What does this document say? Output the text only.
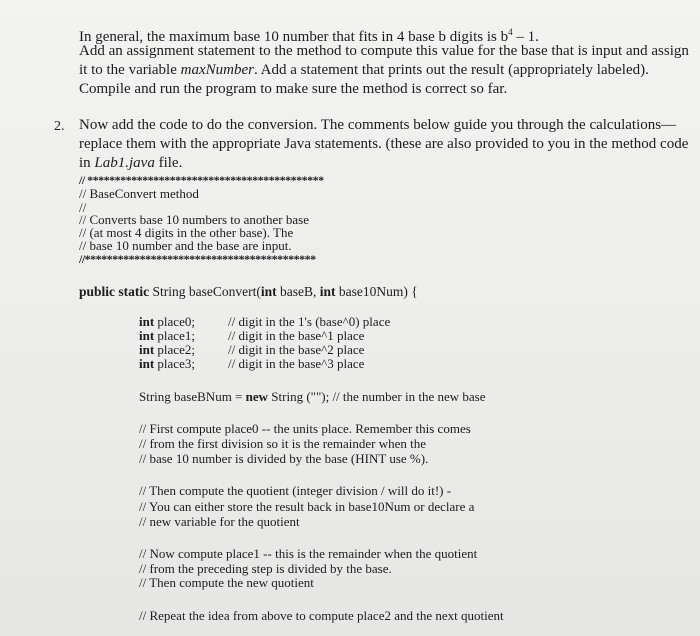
In general, the maximum base 10 number that fits in 4 base b digits is $b^4 - 1$.
Add an assignment statement to the method to compute this value for the base that is input and assign
it to the variable maxNumber. Add a statement that prints out the result (appropriately labeled).
Compile and run the program to make sure the method is correct so far.
2. Now add the code to do the conversion. The comments below guide you through the calculations—
replace them with the appropriate Java statements. (these are also provided to you in the method code
in Lab1.java file.
// *******************************************
// BaseConvert method
//
// Converts base 10 numbers to another base
// (at most 4 digits in the other base). The
// base 10 number and the base are input.
//******************************************
public static String baseConvert(int baseB, int base10Num) {
int place0;	// digit in the 1's (base^0) place
int place1;	// digit in the base^1 place
int place2;	// digit in the base^2 place
int place3;	// digit in the base^3 place
String baseBNum = new String (""); // the number in the new base
// First compute place0 -- the units place. Remember this comes
// from the first division so it is the remainder when the
// base 10 number is divided by the base (HINT use %).
// Then compute the quotient (integer division / will do it!) -
// You can either store the result back in base10Num or declare a
// new variable for the quotient
// Now compute place1 -- this is the remainder when the quotient
// from the preceding step is divided by the base.
// Then compute the new quotient
// Repeat the idea from above to compute place2 and the next quotient
